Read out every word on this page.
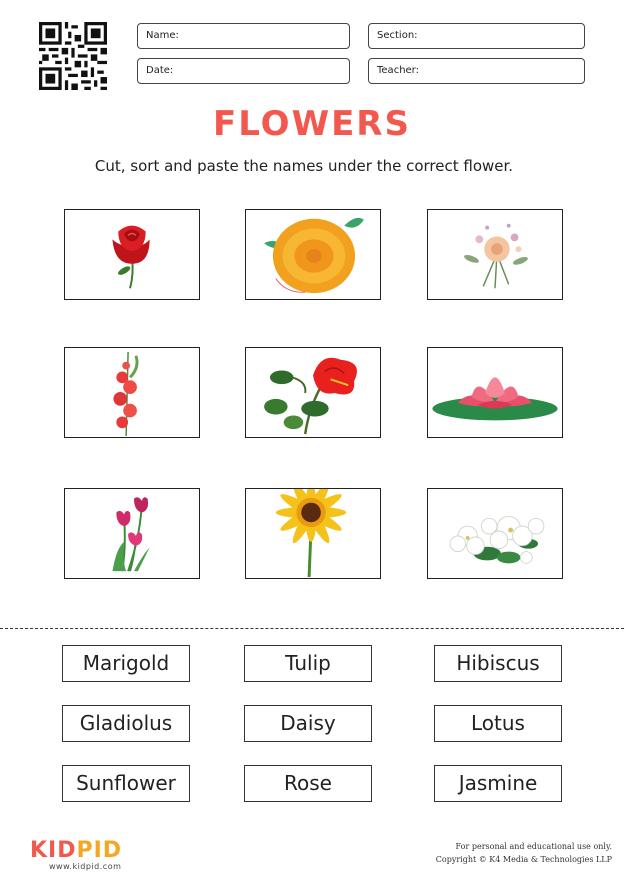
Name:	Section:
Date:	Teacher:
FLOWERS
Cut, sort and paste the names under the correct flower.
Marigold	Tulip	Hibiscus
Gladiolus	Daisy	Lotus
Sunflower	Rose	Jasmine
KIDPID
www.kidpid.com
For personal and educational use only.
Copyright © K4 Media & Technologies LLP
